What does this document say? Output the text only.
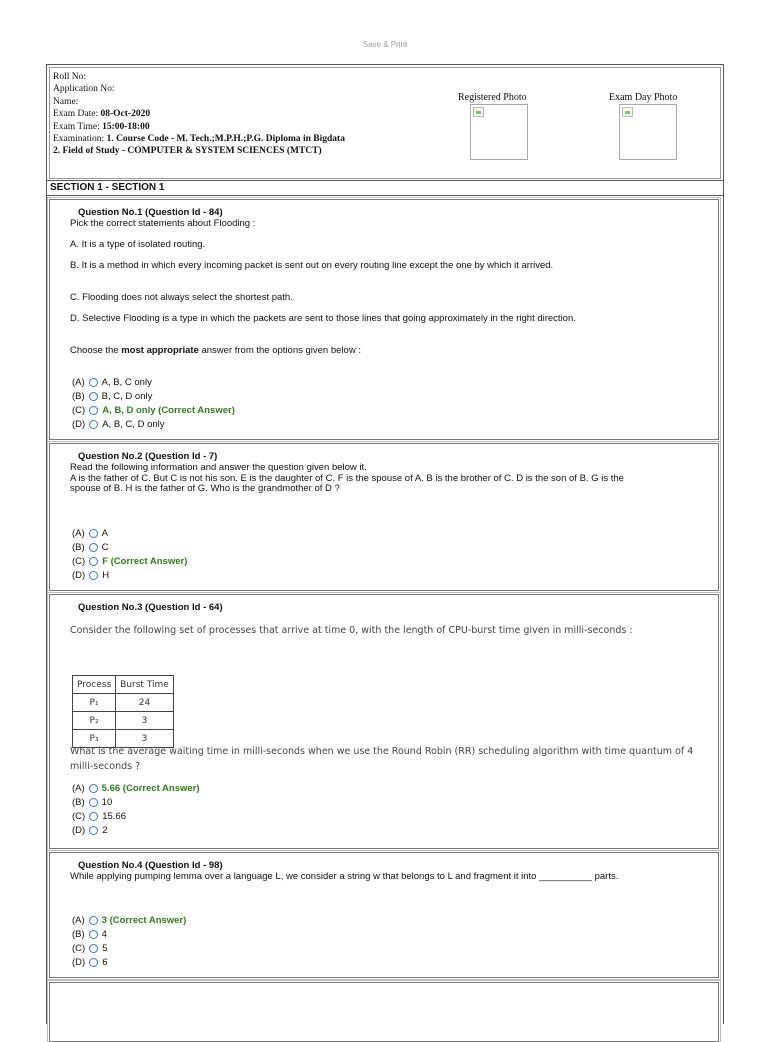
Save & Print
Roll No:
Application No:
Name:
Exam Date: 08-Oct-2020
Exam Time: 15:00-18:00
Examination: 1. Course Code - M. Tech.;M.P.H.;P.G. Diploma in Bigdata
2. Field of Study - COMPUTER & SYSTEM SCIENCES (MTCT)
Registered Photo	Exam Day Photo
SECTION 1 - SECTION 1
Question No.1 (Question Id - 84)
Pick the correct statements about Flooding :
A. It is a type of isolated routing.
B. It is a method in which every incoming packet is sent out on every routing line except the one by which it arrived.
C. Flooding does not always select the shortest path.
D. Selective Flooding is a type in which the packets are sent to those lines that going approximately in the right direction.
Choose the most appropriate answer from the options given below :
(A) A, B, C only
(B) B, C, D only
(C) A, B, D only (Correct Answer)
(D) A, B, C, D only
Question No.2 (Question Id - 7)
Read the following information and answer the question given below it.
A is the father of C. But C is not his son. E is the daughter of C. F is the spouse of A. B is the brother of C. D is the son of B. G is the spouse of B. H is the father of G. Who is the grandmother of D ?
(A) A
(B) C
(C) F (Correct Answer)
(D) H
Question No.3 (Question Id - 64)
Consider the following set of processes that arrive at time 0, with the length of CPU-burst time given in milli-seconds :
Process	Burst Time
P₁	24
P₂	3
P₃	3
What is the average waiting time in milli-seconds when we use the Round Robin (RR) scheduling algorithm with time quantum of 4 milli-seconds ?
(A) 5.66 (Correct Answer)
(B) 10
(C) 15.66
(D) 2
Question No.4 (Question Id - 98)
While applying pumping lemma over a language L, we consider a string w that belongs to L and fragment it into __________ parts.
(A) 3 (Correct Answer)
(B) 4
(C) 5
(D) 6
